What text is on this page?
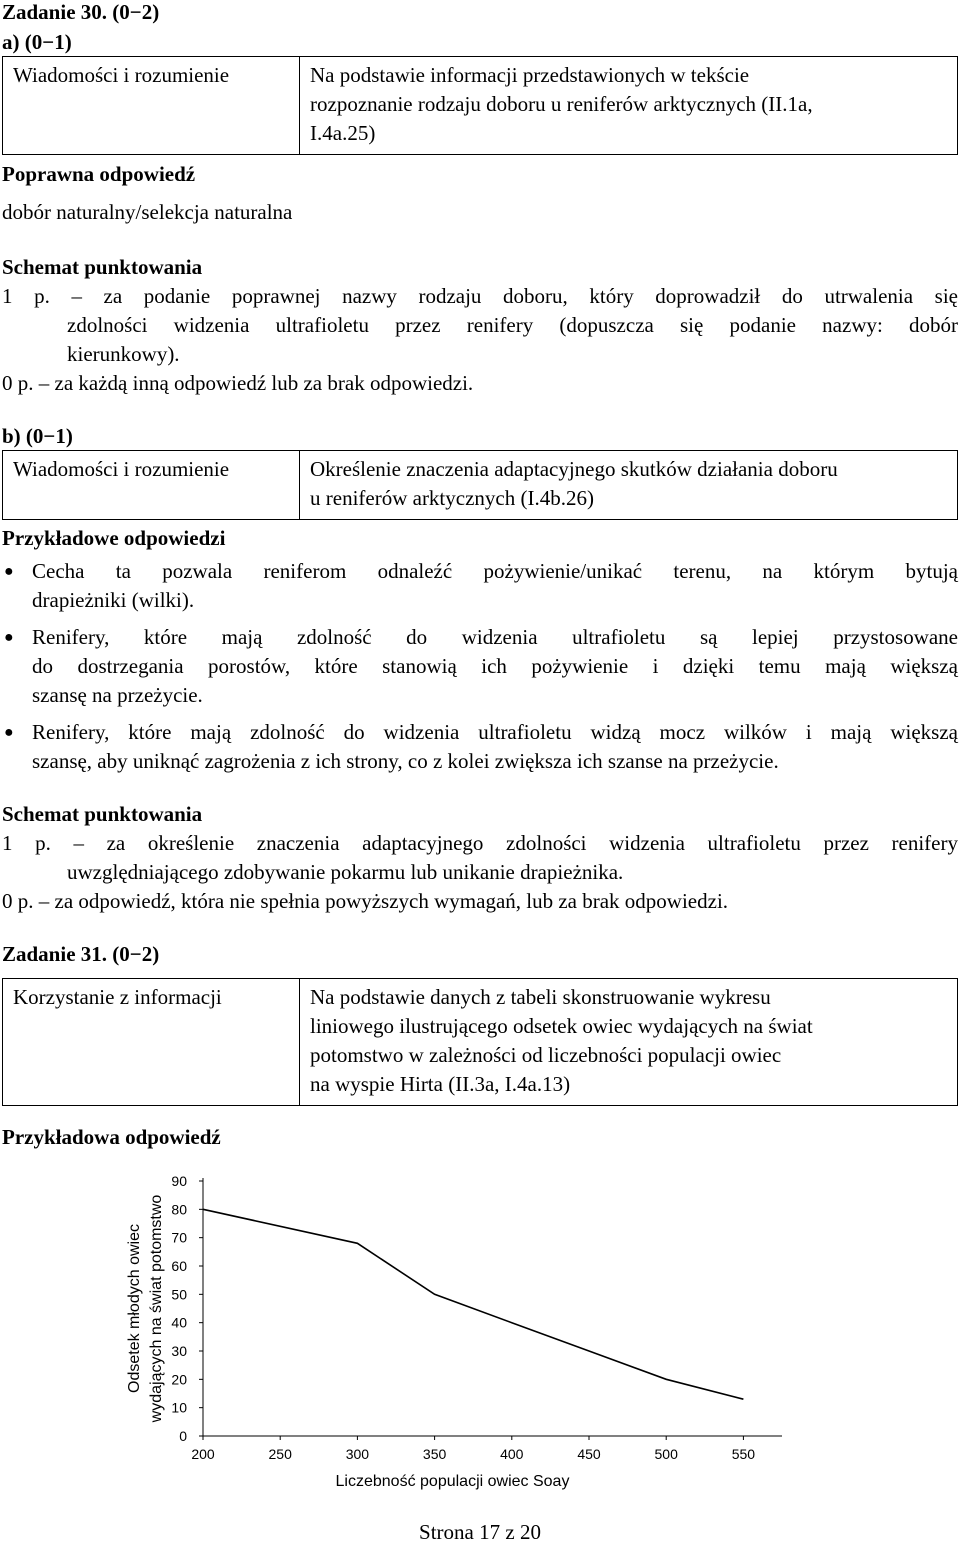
Zadanie 30. (0−2)
a) (0−1)
Wiadomości i rozumienie	Na podstawie informacji przedstawionych w tekście
rozpoznanie rodzaju doboru u reniferów arktycznych (II.1a,
I.4a.25)
Poprawna odpowiedź
dobór naturalny/selekcja naturalna
Schemat punktowania
1 p. – za podanie poprawnej nazwy rodzaju doboru, który doprowadził do utrwalenia się
zdolności widzenia ultrafioletu przez renifery (dopuszcza się podanie nazwy: dobór
kierunkowy).
0 p. – za każdą inną odpowiedź lub za brak odpowiedzi.
b) (0−1)
Wiadomości i rozumienie	Określenie znaczenia adaptacyjnego skutków działania doboru
u reniferów arktycznych (I.4b.26)
Przykładowe odpowiedzi
● Cecha ta pozwala reniferom odnaleźć pożywienie/unikać terenu, na którym bytują
drapieżniki (wilki).
● Renifery, które mają zdolność do widzenia ultrafioletu są lepiej przystosowane
do dostrzegania porostów, które stanowią ich pożywienie i dzięki temu mają większą
szansę na przeżycie.
● Renifery, które mają zdolność do widzenia ultrafioletu widzą mocz wilków i mają większą
szansę, aby uniknąć zagrożenia z ich strony, co z kolei zwiększa ich szanse na przeżycie.
Schemat punktowania
1 p. – za określenie znaczenia adaptacyjnego zdolności widzenia ultrafioletu przez renifery
uwzględniającego zdobywanie pokarmu lub unikanie drapieżnika.
0 p. – za odpowiedź, która nie spełnia powyższych wymagań, lub za brak odpowiedzi.
Zadanie 31. (0−2)
Korzystanie z informacji	Na podstawie danych z tabeli skonstruowanie wykresu
liniowego ilustrującego odsetek owiec wydających na świat
potomstwo w zależności od liczebności populacji owiec
na wyspie Hirta (II.3a, I.4a.13)
Przykładowa odpowiedź
0
10
20
30
40
50
60
70
80
90
200	250	300	350	400	450	500	550
Odsetek młodych owiec wydających na świat potomstwo
Liczebność populacji owiec Soay
Strona 17 z 20
